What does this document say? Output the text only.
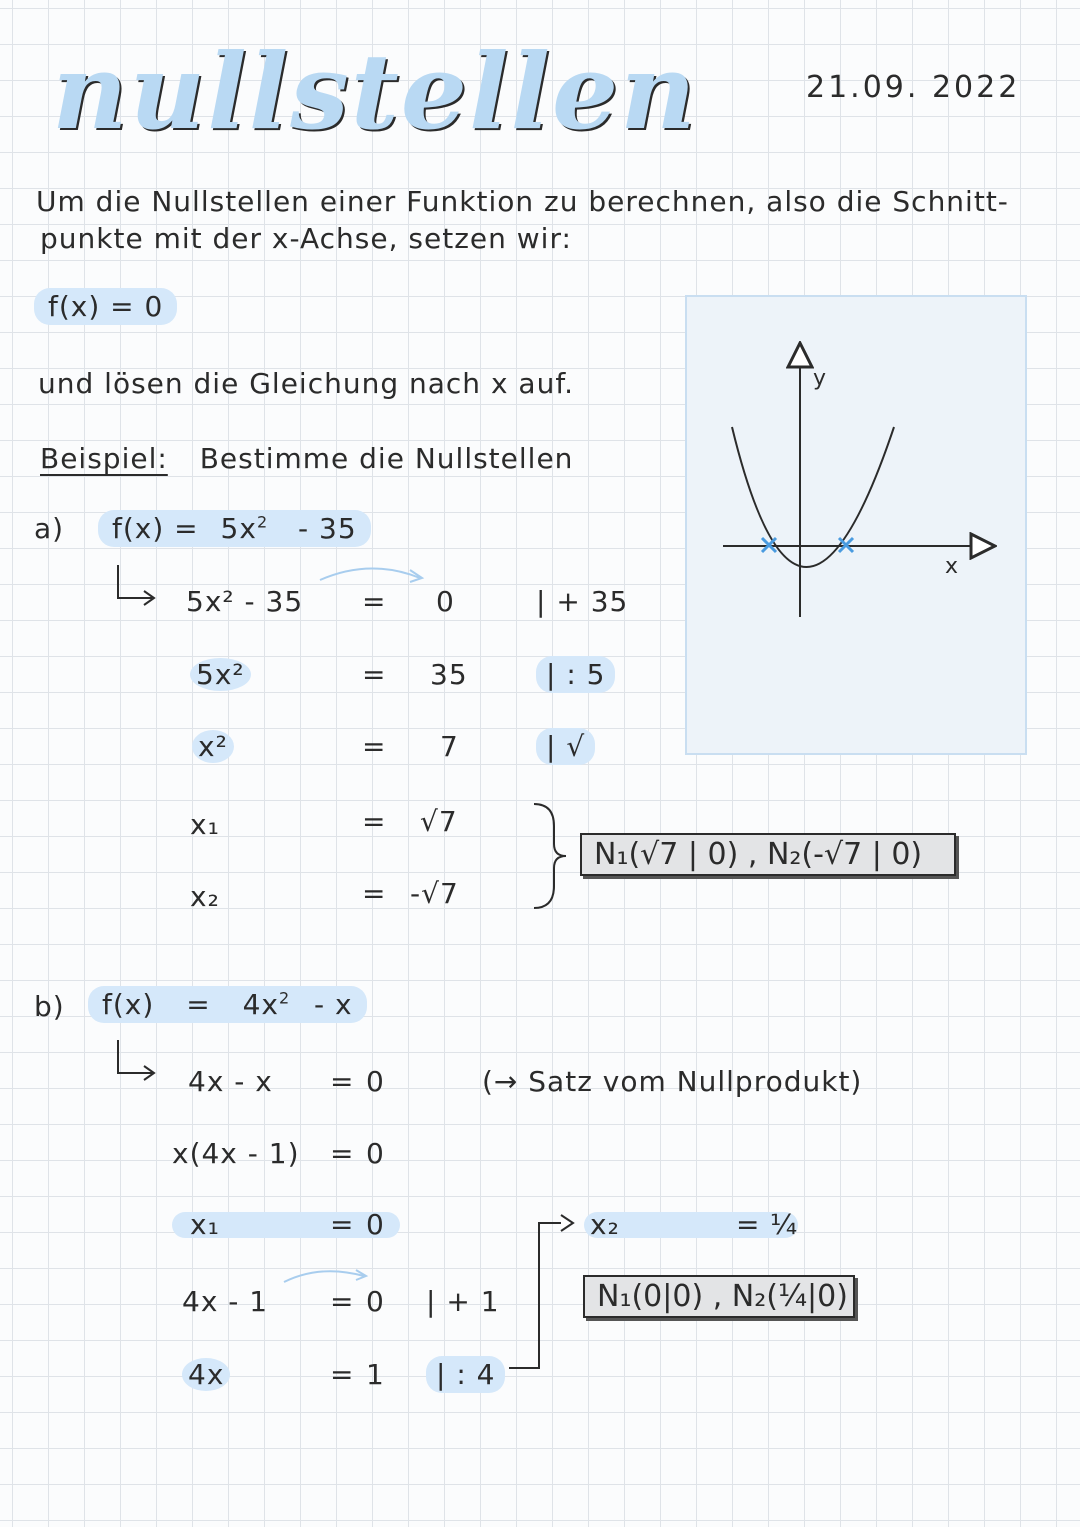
nullstellen	21.09. 2022
Um die Nullstellen einer Funktion zu berechnen, also die Schnitt-
punkte mit der x-Achse, setzen wir:
f(x) = 0
und lösen die Gleichung nach x auf.
Beispiel: Bestimme die Nullstellen
y
x
a)	$f(x) = 5x^2 - 35$
5x² - 35 = 0	| + 35
5x²	= 35	| : 5
x²	= 7	| √
x₁	= √7
x₂	= -√7
N₁(√7 | 0) , N₂(-√7 | 0)
b)	$f(x) = 4x^2 - x$
4x - x = 0	(→ Satz vom Nullprodukt)
x(4x - 1) = 0
x₁	= 0
4x - 1 = 0 | + 1
4x	= 1	| : 4
x₂	= ¼
N₁(0|0) , N₂(¼|0)
